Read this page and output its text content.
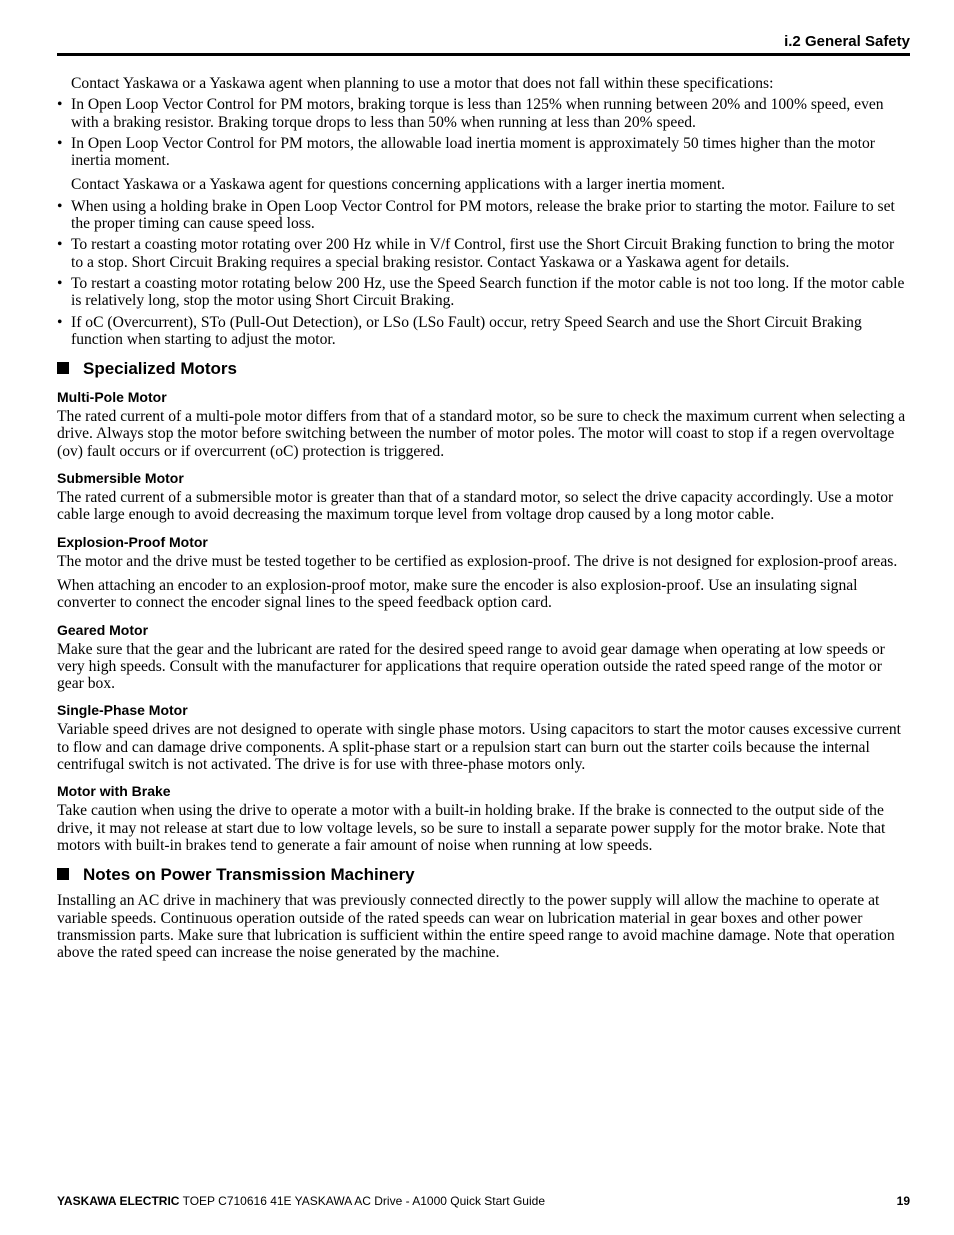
i.2 General Safety

Contact Yaskawa or a Yaskawa agent when planning to use a motor that does not fall within these specifications:

• In Open Loop Vector Control for PM motors, braking torque is less than 125% when running between 20% and 100% speed, even with a braking resistor. Braking torque drops to less than 50% when running at less than 20% speed.
• In Open Loop Vector Control for PM motors, the allowable load inertia moment is approximately 50 times higher than the motor inertia moment.

Contact Yaskawa or a Yaskawa agent for questions concerning applications with a larger inertia moment.

• When using a holding brake in Open Loop Vector Control for PM motors, release the brake prior to starting the motor. Failure to set the proper timing can cause speed loss.
• To restart a coasting motor rotating over 200 Hz while in V/f Control, first use the Short Circuit Braking function to bring the motor to a stop. Short Circuit Braking requires a special braking resistor. Contact Yaskawa or a Yaskawa agent for details.
• To restart a coasting motor rotating below 200 Hz, use the Speed Search function if the motor cable is not too long. If the motor cable is relatively long, stop the motor using Short Circuit Braking.
• If oC (Overcurrent), STo (Pull-Out Detection), or LSo (LSo Fault) occur, retry Speed Search and use the Short Circuit Braking function when starting to adjust the motor.
Specialized Motors
Multi-Pole Motor

The rated current of a multi-pole motor differs from that of a standard motor, so be sure to check the maximum current when selecting a drive. Always stop the motor before switching between the number of motor poles. The motor will coast to stop if a regen overvoltage (ov) fault occurs or if overcurrent (oC) protection is triggered.

Submersible Motor

The rated current of a submersible motor is greater than that of a standard motor, so select the drive capacity accordingly. Use a motor cable large enough to avoid decreasing the maximum torque level from voltage drop caused by a long motor cable.

Explosion-Proof Motor

The motor and the drive must be tested together to be certified as explosion-proof. The drive is not designed for explosion-proof areas.

When attaching an encoder to an explosion-proof motor, make sure the encoder is also explosion-proof. Use an insulating signal converter to connect the encoder signal lines to the speed feedback option card.

Geared Motor

Make sure that the gear and the lubricant are rated for the desired speed range to avoid gear damage when operating at low speeds or very high speeds. Consult with the manufacturer for applications that require operation outside the rated speed range of the motor or gear box.

Single-Phase Motor

Variable speed drives are not designed to operate with single phase motors. Using capacitors to start the motor causes excessive current to flow and can damage drive components. A split-phase start or a repulsion start can burn out the starter coils because the internal centrifugal switch is not activated. The drive is for use with three-phase motors only.

Motor with Brake

Take caution when using the drive to operate a motor with a built-in holding brake. If the brake is connected to the output side of the drive, it may not release at start due to low voltage levels, so be sure to install a separate power supply for the motor brake. Note that motors with built-in brakes tend to generate a fair amount of noise when running at low speeds.

Notes on Power Transmission Machinery

Installing an AC drive in machinery that was previously connected directly to the power supply will allow the machine to operate at variable speeds. Continuous operation outside of the rated speeds can wear on lubrication material in gear boxes and other power transmission parts. Make sure that lubrication is sufficient within the entire speed range to avoid machine damage. Note that operation above the rated speed can increase the noise generated by the machine.

YASKAWA ELECTRIC TOEP C710616 41E YASKAWA AC Drive - A1000 Quick Start Guide	19
